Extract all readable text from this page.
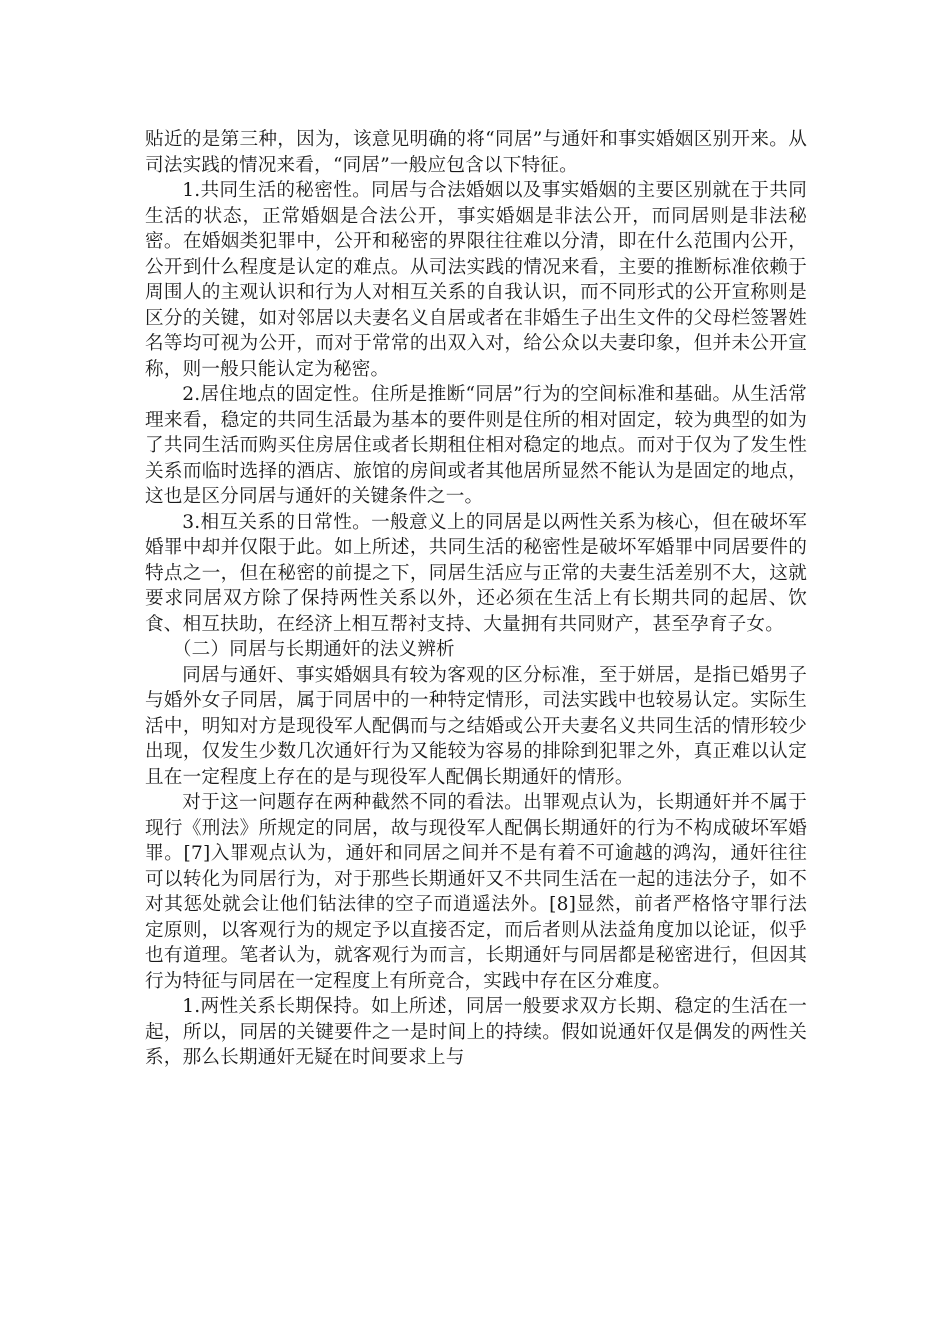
贴近的是第三种，因为，该意见明确的将“同居”与通奸和事实婚姻区别开来。从司法实践的情况来看，“同居”一般应包含以下特征。

1.共同生活的秘密性。同居与合法婚姻以及事实婚姻的主要区别就在于共同生活的状态，正常婚姻是合法公开，事实婚姻是非法公开，而同居则是非法秘密。在婚姻类犯罪中，公开和秘密的界限往往难以分清，即在什么范围内公开，公开到什么程度是认定的难点。从司法实践的情况来看，主要的推断标准依赖于周围人的主观认识和行为人对相互关系的自我认识，而不同形式的公开宣称则是区分的关键，如对邻居以夫妻名义自居或者在非婚生子出生文件的父母栏签署姓名等均可视为公开，而对于常常的出双入对，给公众以夫妻印象，但并未公开宣称，则一般只能认定为秘密。

2.居住地点的固定性。住所是推断“同居”行为的空间标准和基础。从生活常理来看，稳定的共同生活最为基本的要件则是住所的相对固定，较为典型的如为了共同生活而购买住房居住或者长期租住相对稳定的地点。而对于仅为了发生性关系而临时选择的酒店、旅馆的房间或者其他居所显然不能认为是固定的地点，这也是区分同居与通奸的关键条件之一。

3.相互关系的日常性。一般意义上的同居是以两性关系为核心，但在破坏军婚罪中却并仅限于此。如上所述，共同生活的秘密性是破坏军婚罪中同居要件的特点之一，但在秘密的前提之下，同居生活应与正常的夫妻生活差别不大，这就要求同居双方除了保持两性关系以外，还必须在生活上有长期共同的起居、饮食、相互扶助，在经济上相互帮衬支持、大量拥有共同财产，甚至孕育子女。

（二）同居与长期通奸的法义辨析

同居与通奸、事实婚姻具有较为客观的区分标准，至于姘居，是指已婚男子与婚外女子同居，属于同居中的一种特定情形，司法实践中也较易认定。实际生活中，明知对方是现役军人配偶而与之结婚或公开夫妻名义共同生活的情形较少出现，仅发生少数几次通奸行为又能较为容易的排除到犯罪之外，真正难以认定且在一定程度上存在的是与现役军人配偶长期通奸的情形。

对于这一问题存在两种截然不同的看法。出罪观点认为，长期通奸并不属于现行《刑法》所规定的同居，故与现役军人配偶长期通奸的行为不构成破坏军婚罪。[7]入罪观点认为，通奸和同居之间并不是有着不可逾越的鸿沟，通奸往往可以转化为同居行为，对于那些长期通奸又不共同生活在一起的违法分子，如不对其惩处就会让他们钻法律的空子而逍遥法外。[8]显然，前者严格恪守罪行法定原则，以客观行为的规定予以直接否定，而后者则从法益角度加以论证，似乎也有道理。笔者认为，就客观行为而言，长期通奸与同居都是秘密进行，但因其行为特征与同居在一定程度上有所竞合，实践中存在区分难度。

1.两性关系长期保持。如上所述，同居一般要求双方长期、稳定的生活在一起，所以，同居的关键要件之一是时间上的持续。假如说通奸仅是偶发的两性关系，那么长期通奸无疑在时间要求上与
